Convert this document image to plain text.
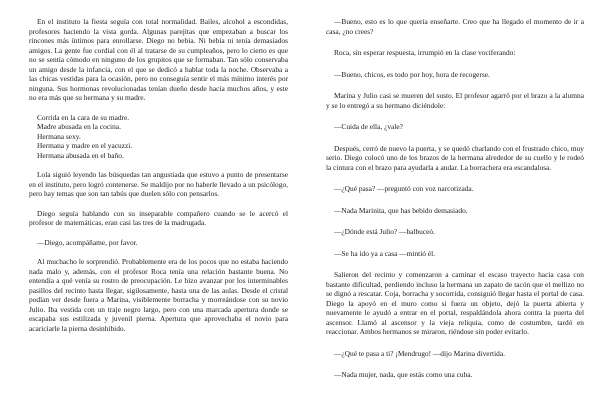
En el instituto la fiesta seguía con total normalidad. Bailes, alcohol a escondidas, profesores haciendo la vista gorda. Algunas parejitas que empezaban a buscar los rincones más íntimos para enrollarse. Diego no bebía. Ni bebía ni tenía demasiados amigos. La gente fue cordial con él al tratarse de su cumpleaños, pero lo cierto es que no se sentía cómodo en ninguno de los grupitos que se formaban. Tan sólo conservaba un amigo desde la infancia, con el que se dedicó a hablar toda la noche. Observaba a las chicas vestidas para la ocasión, pero no conseguía sentir el más mínimo interés por ninguna. Sus hormonas revolucionadas tenían dueño desde hacía muchos años, y este no era más que su hermana y su madre.

Corrida en la cara de su madre.
Madre abusada en la cocina.
Hermana sexy.
Hermana y madre en el yacuzzi.
Hermana abusada en el baño.

Lola siguió leyendo las búsquedas tan angustiada que estuvo a punto de presentarse en el instituto, pero logró contenerse. Se maldijo por no haberle llevado a un psicólogo, pero hay temas que son tan tabús que duelen sólo con pensarlos.

Diego seguía hablando con su inseparable compañero cuando se le acercó el profesor de matemáticas, eran casi las tres de la madrugada.

—Diego, acompáñame, por favor.

Al muchacho le sorprendió. Probablemente era de los pocos que no estaba haciendo nada malo y, además, con el profesor Roca tenía una relación bastante buena. No entendía a qué venía su rostro de preocupación. Le hizo avanzar por los interminables pasillos del recinto hasta llegar, sigilosamente, hasta una de las aulas. Desde el cristal podían ver desde fuera a Marina, visiblemente borracha y morreándose con su novio Julio. Iba vestida con un traje negro largo, pero con una marcada apertura donde se escapaba sus estilizada y juvenil pierna. Apertura que aprovechaba el novio para acariciarle la pierna desinhibido.

—Bueno, esto es lo que quería enseñarte. Creo que ha llegado el momento de ir a casa, ¿no crees?

Roca, sin esperar respuesta, irrumpió en la clase vociferando:

—Bueno, chicos, es todo por hoy, hora de recogerse.

Marina y Julio casi se mueren del susto. El profesor agarró por el brazo a la alumna y se lo entregó a su hermano diciéndole:

—Cuida de ella, ¿vale?

Después, cerró de nuevo la puerta, y se quedó charlando con el frustrado chico, muy serio. Diego colocó uno de los brazos de la hermana alrededor de su cuello y le rodeó la cintura con el brazo para ayudarla a andar. La borrachera era escandalosa.

—¿Qué pasa? —preguntó con voz narcotizada.

—Nada Marinita, que has bebido demasiado.

—¿Dónde está Julio? —balbuceó.

—Se ha ido ya a casa —mintió él.

Salieron del recinto y comenzaron a caminar el escaso trayecto hacia casa con bastante dificultad, perdiendo incluso la hermana un zapato de tacón que el mellizo no se dignó a rescatar. Coja, borracha y socorrida, consiguió llegar hasta el portal de casa. Diego la apoyó en el muro como si fuera un objeto, dejó la puerta abierta y nuevamente le ayudó a entrar en el portal, respaldándola ahora contra la puerta del ascensor. Llamó al ascensor y la vieja reliquia, como de costumbre, tardó en reaccionar. Ambos hermanos se miraron, riéndose sin poder evitarlo.

—¿Qué te pasa a ti? ¡Mendrugo! —dijo Marina divertida.

—Nada mujer, nada, que estás como una cuba.
